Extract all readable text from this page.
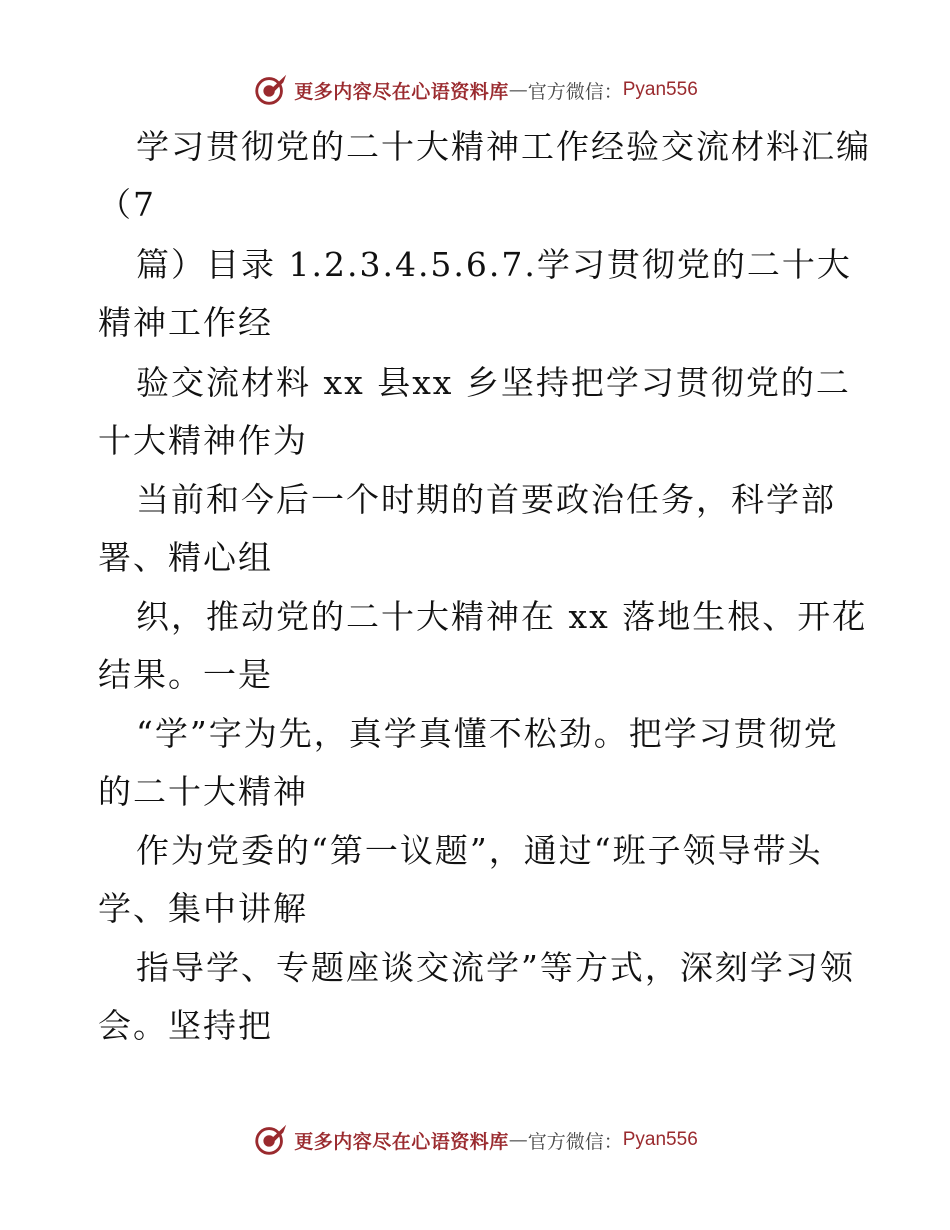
更多内容尽在心语资料库 — 官方微信： Pyan556
学习贯彻党的二十大精神工作经验交流材料汇编
（7
篇）目录 1.2.3.4.5.6.7.学习贯彻党的二十大
精神工作经
验交流材料 xx 县xx 乡坚持把学习贯彻党的二
十大精神作为
当前和今后一个时期的首要政治任务，科学部
署、精心组
织，推动党的二十大精神在 xx 落地生根、开花
结果。一是
“学”字为先，真学真懂不松劲。把学习贯彻党
的二十大精神
作为党委的“第一议题”，通过“班子领导带头
学、集中讲解
指导学、专题座谈交流学”等方式，深刻学习领
会。坚持把
更多内容尽在心语资料库 — 官方微信： Pyan556
